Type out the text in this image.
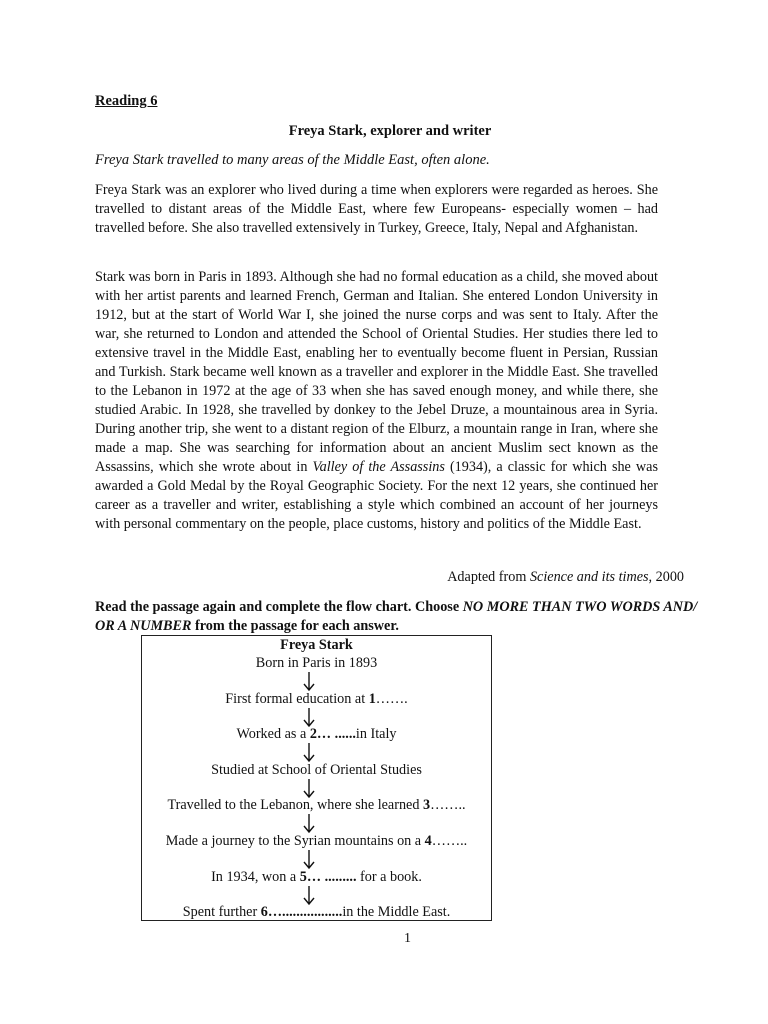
Reading 6
Freya Stark, explorer and writer
Freya Stark travelled to many areas of the Middle East, often alone.
Freya Stark was an explorer who lived during a time when explorers were regarded as heroes. She travelled to distant areas of the Middle East, where few Europeans- especially women – had travelled before. She also travelled extensively in Turkey, Greece, Italy, Nepal and Afghanistan.
Stark was born in Paris in 1893. Although she had no formal education as a child, she moved about with her artist parents and learned French, German and Italian. She entered London University in 1912, but at the start of World War I, she joined the nurse corps and was sent to Italy. After the war, she returned to London and attended the School of Oriental Studies. Her studies there led to extensive travel in the Middle East, enabling her to eventually become fluent in Persian, Russian and Turkish. Stark became well known as a traveller and explorer in the Middle East. She travelled to the Lebanon in 1972 at the age of 33 when she has saved enough money, and while there, she studied Arabic. In 1928, she travelled by donkey to the Jebel Druze, a mountainous area in Syria. During another trip, she went to a distant region of the Elburz, a mountain range in Iran, where she made a map. She was searching for information about an ancient Muslim sect known as the Assassins, which she wrote about in Valley of the Assassins (1934), a classic for which she was awarded a Gold Medal by the Royal Geographic Society. For the next 12 years, she continued her career as a traveller and writer, establishing a style which combined an account of her journeys with personal commentary on the people, place customs, history and politics of the Middle East.
Adapted from Science and its times, 2000
Read the passage again and complete the flow chart. Choose NO MORE THAN TWO WORDS AND/ OR A NUMBER from the passage for each answer.
Freya Stark
Born in Paris in 1893
First formal education at 1…….
Worked as a 2… ......in Italy
Studied at School of Oriental Studies
Travelled to the Lebanon, where she learned 3……..
Made a journey to the Syrian mountains on a 4……..
In 1934, won a 5… ......... for a book.
Spent further 6….................in the Middle East.
1
